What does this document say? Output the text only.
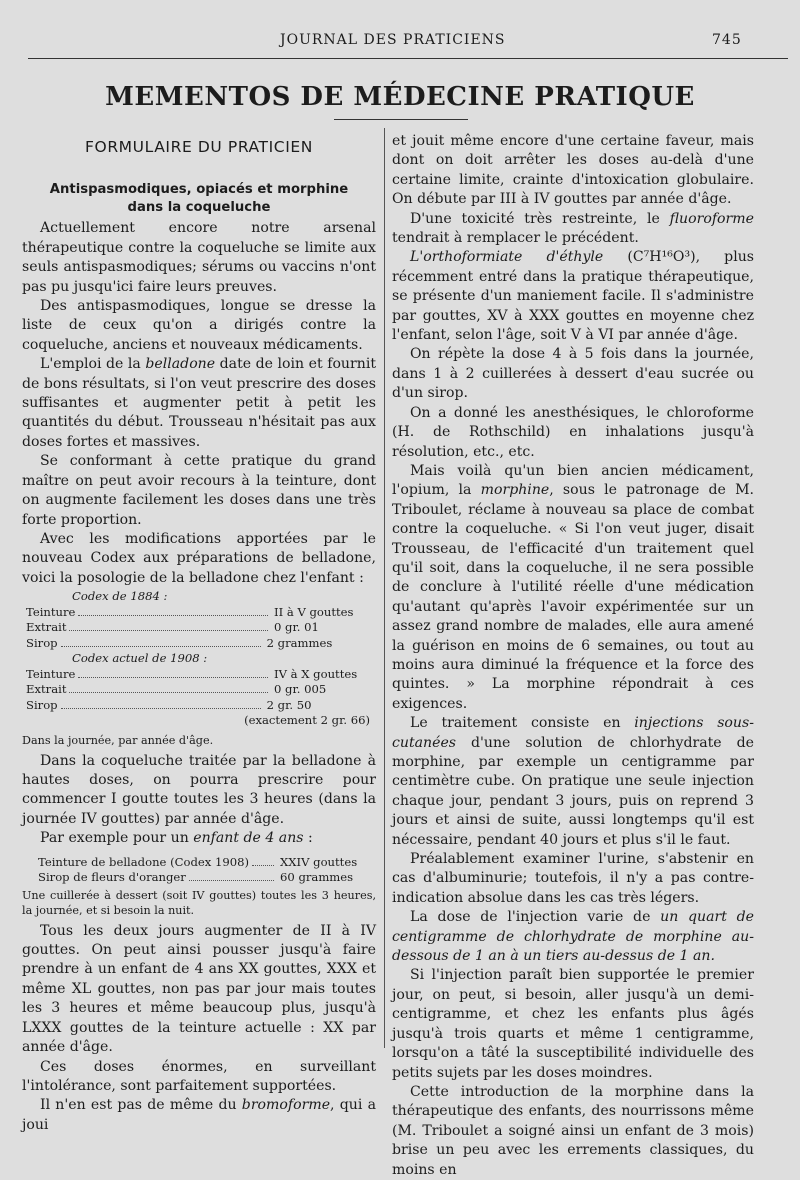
JOURNAL DES PRATICIENS	745
MEMENTOS DE MÉDECINE PRATIQUE
FORMULAIRE DU PRATICIEN
Antispasmodiques, opiacés et morphine
dans la coqueluche

Actuellement encore notre arsenal thérapeutique contre la coqueluche se limite aux seuls antispasmodiques; sérums ou vaccins n'ont pas pu jusqu'ici faire leurs preuves.

Des antispasmodiques, longue se dresse la liste de ceux qu'on a dirigés contre la coqueluche, anciens et nouveaux médicaments.

L'emploi de la belladone date de loin et fournit de bons résultats, si l'on veut prescrire des doses suffisantes et augmenter petit à petit les quantités du début. Trousseau n'hésitait pas aux doses fortes et massives.

Se conformant à cette pratique du grand maître on peut avoir recours à la teinture, dont on augmente facilement les doses dans une très forte proportion.

Avec les modifications apportées par le nouveau Codex aux préparations de belladone, voici la posologie de la belladone chez l'enfant :

Codex de 1884 :
Teinture	II à V gouttes
Extrait	0 gr. 01
Sirop	2 grammes
Codex actuel de 1908 :
Teinture	IV à X gouttes
Extrait	0 gr. 005
Sirop	2 gr. 50
(exactement 2 gr. 66)
Dans la journée, par année d'âge.

Dans la coqueluche traitée par la belladone à hautes doses, on pourra prescrire pour commencer I goutte toutes les 3 heures (dans la journée IV gouttes) par année d'âge.

Par exemple pour un enfant de 4 ans :

Teinture de belladone (Codex 1908)	XXIV gouttes
Sirop de fleurs d'oranger	60 grammes
Une cuillerée à dessert (soit IV gouttes) toutes les 3 heures, la journée, et si besoin la nuit.

Tous les deux jours augmenter de II à IV gouttes. On peut ainsi pousser jusqu'à faire prendre à un enfant de 4 ans XX gouttes, XXX et même XL gouttes, non pas par jour mais toutes les 3 heures et même beaucoup plus, jusqu'à LXXX gouttes de la teinture actuelle : XX par année d'âge.

Ces doses énormes, en surveillant l'intolérance, sont parfaitement supportées.

Il n'en est pas de même du bromoforme, qui a joui

et jouit même encore d'une certaine faveur, mais dont on doit arrêter les doses au-delà d'une certaine limite, crainte d'intoxication globulaire. On débute par III à IV gouttes par année d'âge.

D'une toxicité très restreinte, le fluoroforme tendrait à remplacer le précédent.

L'orthoformiate d'éthyle (C⁷H¹⁶O³), plus récemment entré dans la pratique thérapeutique, se présente d'un maniement facile. Il s'administre par gouttes, XV à XXX gouttes en moyenne chez l'enfant, selon l'âge, soit V à VI par année d'âge.

On répète la dose 4 à 5 fois dans la journée, dans 1 à 2 cuillerées à dessert d'eau sucrée ou d'un sirop.

On a donné les anesthésiques, le chloroforme (H. de Rothschild) en inhalations jusqu'à résolution, etc., etc.

Mais voilà qu'un bien ancien médicament, l'opium, la morphine, sous le patronage de M. Triboulet, réclame à nouveau sa place de combat contre la coqueluche. « Si l'on veut juger, disait Trousseau, de l'efficacité d'un traitement quel qu'il soit, dans la coqueluche, il ne sera possible de conclure à l'utilité réelle d'une médication qu'autant qu'après l'avoir expérimentée sur un assez grand nombre de malades, elle aura amené la guérison en moins de 6 semaines, ou tout au moins aura diminué la fréquence et la force des quintes. » La morphine répondrait à ces exigences.

Le traitement consiste en injections sous-cutanées d'une solution de chlorhydrate de morphine, par exemple un centigramme par centimètre cube. On pratique une seule injection chaque jour, pendant 3 jours, puis on reprend 3 jours et ainsi de suite, aussi longtemps qu'il est nécessaire, pendant 40 jours et plus s'il le faut.

Préalablement examiner l'urine, s'abstenir en cas d'albuminurie; toutefois, il n'y a pas contre-indication absolue dans les cas très légers.

La dose de l'injection varie de un quart de centigramme de chlorhydrate de morphine au-dessous de 1 an à un tiers au-dessus de 1 an.

Si l'injection paraît bien supportée le premier jour, on peut, si besoin, aller jusqu'à un demi-centigramme, et chez les enfants plus âgés jusqu'à trois quarts et même 1 centigramme, lorsqu'on a tâté la susceptibilité individuelle des petits sujets par les doses moindres.

Cette introduction de la morphine dans la thérapeutique des enfants, des nourrissons même (M. Triboulet a soigné ainsi un enfant de 3 mois) brise un peu avec les errements classiques, du moins en
